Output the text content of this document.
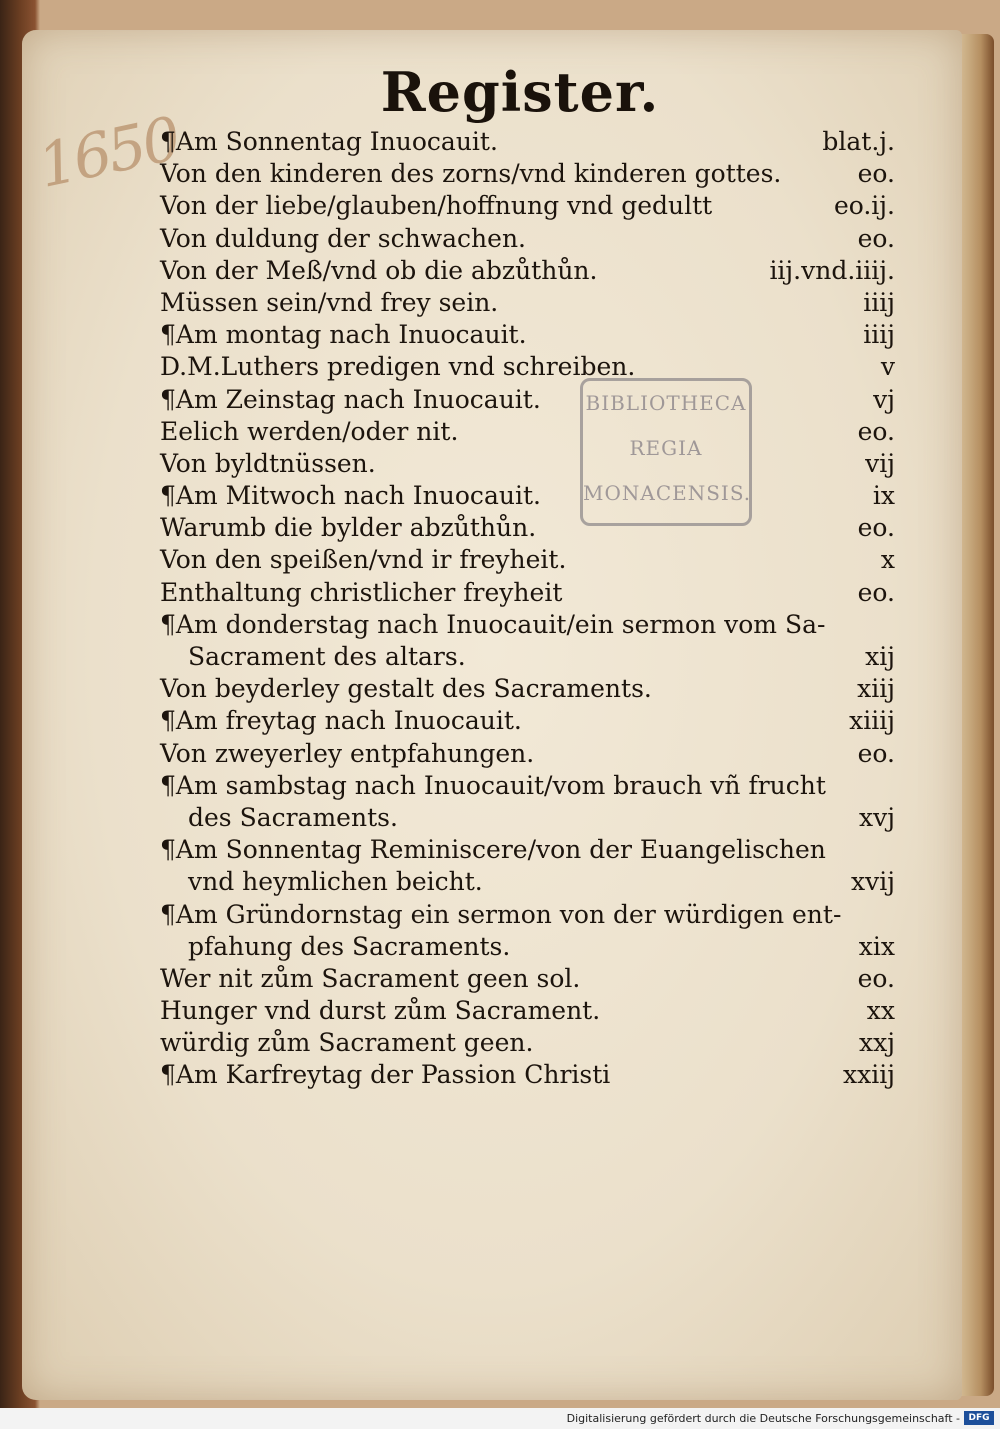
1650
Register.
BIBLIOTHECA
REGIA
MONACENSIS.
¶Am Sonnentag Inuocauit.	blat.j.
Von den kinderen des zorns/vnd kinderen gottes.	eo.
Von der liebe/glauben/hoffnung vnd gedultt	eo.ij.
Von duldung der schwachen.	eo.
Von der Meß/vnd ob die abzůthůn.	iij.vnd.iiij.
Müssen sein/vnd frey sein.	iiij
¶Am montag nach Inuocauit.	iiij
D.M.Luthers predigen vnd schreiben.	v
¶Am Zeinstag nach Inuocauit.	vj
Eelich werden/oder nit.	eo.
Von byldtnüssen.	vij
¶Am Mitwoch nach Inuocauit.	ix
Warumb die bylder abzůthůn.	eo.
Von den speißen/vnd ir freyheit.	x
Enthaltung christlicher freyheit	eo.
¶Am donderstag nach Inuocauit/ein sermon vom Sa-
Sacrament des altars.	xij
Von beyderley gestalt des Sacraments.	xiij
¶Am freytag nach Inuocauit.	xiiij
Von zweyerley entpfahungen.	eo.
¶Am sambstag nach Inuocauit/vom brauch vñ frucht
des Sacraments.	xvj
¶Am Sonnentag Reminiscere/von der Euangelischen
vnd heymlichen beicht.	xvij
¶Am Gründornstag ein sermon von der würdigen ent-
pfahung des Sacraments.	xix
Wer nit zům Sacrament geen sol.	eo.
Hunger vnd durst zům Sacrament.	xx
würdig zům Sacrament geen.	xxj
¶Am Karfreytag der Passion Christi	xxiij
Digitalisierung gefördert durch die Deutsche Forschungsgemeinschaft - DFG
